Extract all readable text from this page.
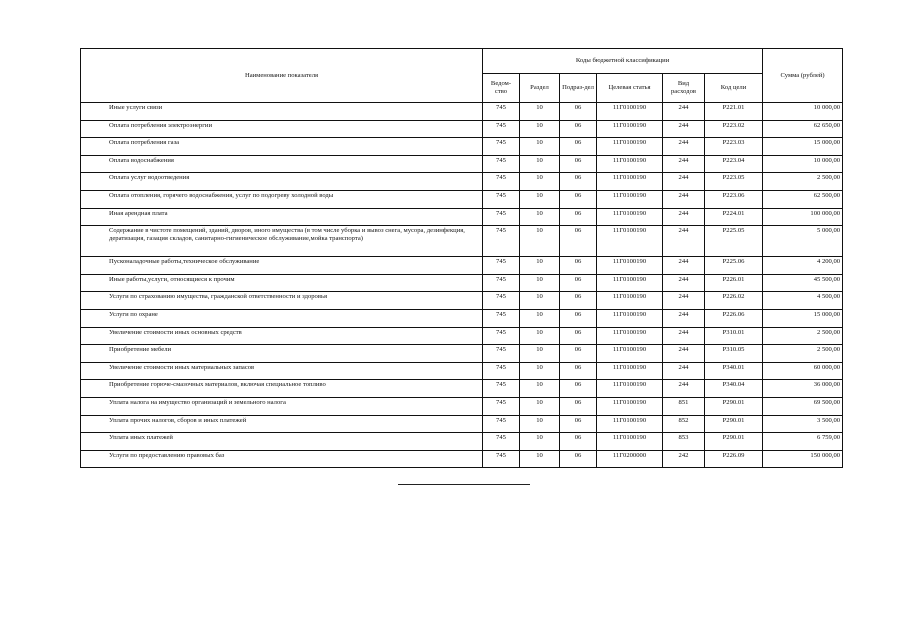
Наименование показателя	Коды бюджетной классификации						Сумма (рублей)
	Ведом-ство	Раздел	Подраз-дел	Целевая статья	Вид расходов	Код цели	
Иные услуги связи	745	10	06	11Г0100190	244	Р221.01	10 000,00
Оплата потребления электроэнергии	745	10	06	11Г0100190	244	Р223.02	62 650,00
Оплата потребления газа	745	10	06	11Г0100190	244	Р223.03	15 000,00
Оплата водоснабжения	745	10	06	11Г0100190	244	Р223.04	10 000,00
Оплата услуг водоотведения	745	10	06	11Г0100190	244	Р223.05	2 500,00
Оплата отопления, горячего водоснабжения, услуг по подогреву холодной воды	745	10	06	11Г0100190	244	Р223.06	62 500,00
Иная арендная плата	745	10	06	11Г0100190	244	Р224.01	100 000,00
Содержание в чистоте помещений, зданий, дворов, иного имущества (в том числе уборка и вывоз снега, мусора, дезинфекция, дератизация, газация складов, санитарно-гигиеническое обслуживание,мойка транспорта)	745	10	06	11Г0100190	244	Р225.05	5 000,00
Пусконаладочные работы,техническое обслуживание	745	10	06	11Г0100190	244	Р225.06	4 200,00
Иные работы,услуги, относящиеся к прочим	745	10	06	11Г0100190	244	Р226.01	45 500,00
Услуги по страхованию имущества, гражданской ответственности и здоровья	745	10	06	11Г0100190	244	Р226.02	4 500,00
Услуги по охране	745	10	06	11Г0100190	244	Р226.06	15 000,00
Увеличение стоимости иных основных средств	745	10	06	11Г0100190	244	Р310.01	2 500,00
Приобретение мебели	745	10	06	11Г0100190	244	Р310.05	2 500,00
Увеличение стоимости иных материальных запасов	745	10	06	11Г0100190	244	Р340.01	60 000,00
Приобретение горюче-смазочных материалов, включая специальное топливо	745	10	06	11Г0100190	244	Р340.04	36 000,00
Уплата налога на имущество организаций и земельного налога	745	10	06	11Г0100190	851	Р290.01	69 500,00
Уплата прочих налогов, сборов и иных платежей	745	10	06	11Г0100190	852	Р290.01	3 500,00
Уплата иных платежей	745	10	06	11Г0100190	853	Р290.01	6 759,00
Услуги по предоставлению правовых баз	745	10	06	11Г0200000	242	Р226.09	150 000,00
